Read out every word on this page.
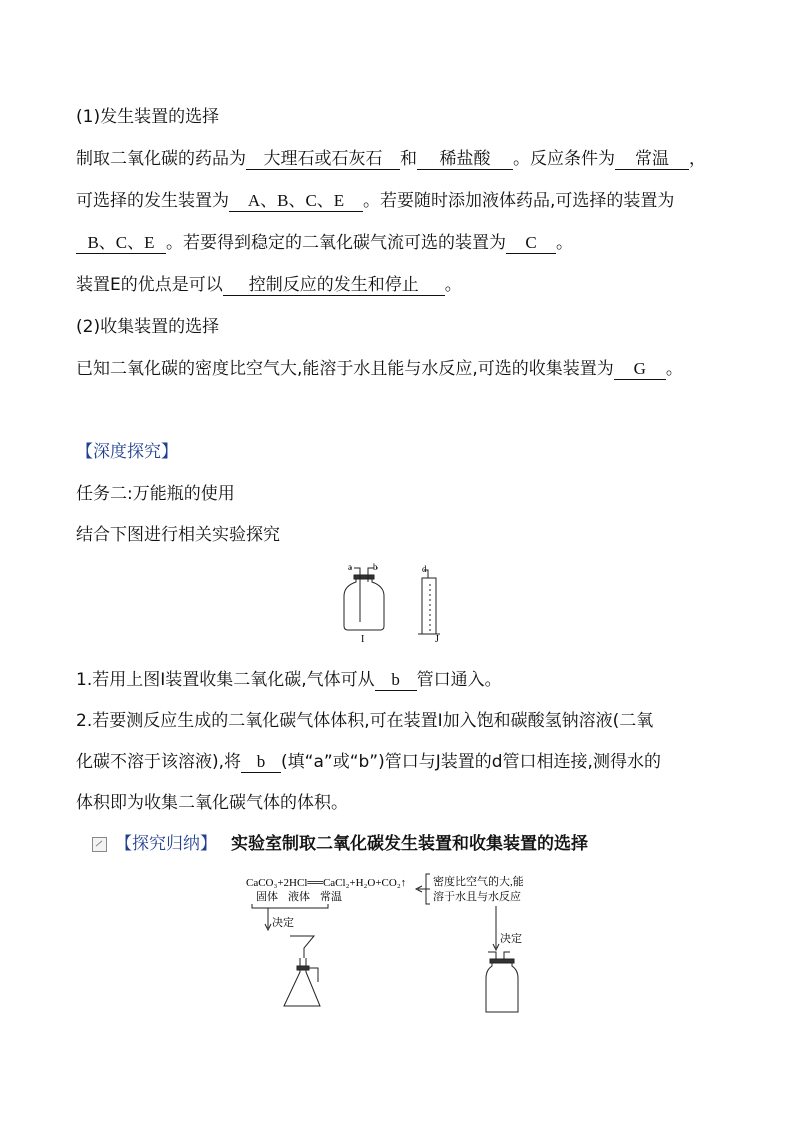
(1)发生装置的选择
制取二氧化碳的药品为 大理石或石灰石 和 稀盐酸 。反应条件为 常温 ，
可选择的发生装置为 A、B、C、E 。若要随时添加液体药品,可选择的装置为
B、C、E 。若要得到稳定的二氧化碳气流可选的装置为 C 。
装置E的优点是可以 控制反应的发生和停止 。
(2)收集装置的选择
已知二氧化碳的密度比空气大,能溶于水且能与水反应,可选的收集装置为 G 。
【深度探究】
任务二:万能瓶的使用
结合下图进行相关实验探究
a b	d
I	J
1.若用上图I装置收集二氧化碳,气体可从 b 管口通入。
2.若要测反应生成的二氧化碳气体体积,可在装置I加入饱和碳酸氢钠溶液(二氧
化碳不溶于该溶液),将 b (填“a”或“b”)管口与J装置的d管口相连接,测得水的
体积即为收集二氧化碳气体的体积。
【探究归纳】 实验室制取二氧化碳发生装置和收集装置的选择
CaCO₃+2HCl══CaCl₂+H₂O+CO₂↑
固体 液体 常温
决定
密度比空气的大,能
溶于水且与水反应
决定
